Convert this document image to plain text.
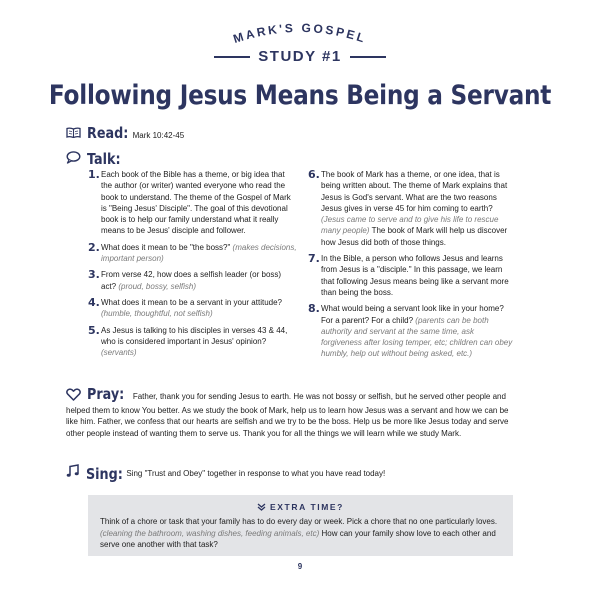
MARK'S GOSPEL
STUDY #1
Following Jesus Means Being a Servant
Read: Mark 10:42-45
Talk:
1. Each book of the Bible has a theme, or big idea that the author (or writer) wanted everyone who read the book to understand. The theme of the Gospel of Mark is "Being Jesus' Disciple". The goal of this devotional book is to help our family understand what it really means to be Jesus' disciple and follower.
2. What does it mean to be "the boss?" (makes decisions, important person)
3. From verse 42, how does a selfish leader (or boss) act? (proud, bossy, selfish)
4. What does it mean to be a servant in your attitude? (humble, thoughtful, not selfish)
5. As Jesus is talking to his disciples in verses 43 & 44, who is considered important in Jesus' opinion? (servants)
6. The book of Mark has a theme, or one idea, that is being written about. The theme of Mark explains that Jesus is God's servant. What are the two reasons Jesus gives in verse 45 for him coming to earth? (Jesus came to serve and to give his life to rescue many people) The book of Mark will help us discover how Jesus did both of those things.
7. In the Bible, a person who follows Jesus and learns from Jesus is a "disciple." In this passage, we learn that following Jesus means being like a servant more than being the boss.
8. What would being a servant look like in your home? For a parent? For a child? (parents can be both authority and servant at the same time, ask forgiveness after losing temper, etc; children can obey humbly, help out without being asked, etc.)
Pray: Father, thank you for sending Jesus to earth. He was not bossy or selfish, but he served other people and helped them to know You better. As we study the book of Mark, help us to learn how Jesus was a servant and how we can be like him. Father, we confess that our hearts are selfish and we try to be the boss. Help us be more like Jesus today and serve other people instead of wanting them to serve us. Thank you for all the things we will learn while we study Mark.
Sing: Sing "Trust and Obey" together in response to what you have read today!
EXTRA TIME?
Think of a chore or task that your family has to do every day or week. Pick a chore that no one particularly loves. (cleaning the bathroom, washing dishes, feeding animals, etc) How can your family show love to each other and serve one another with that task?
9
